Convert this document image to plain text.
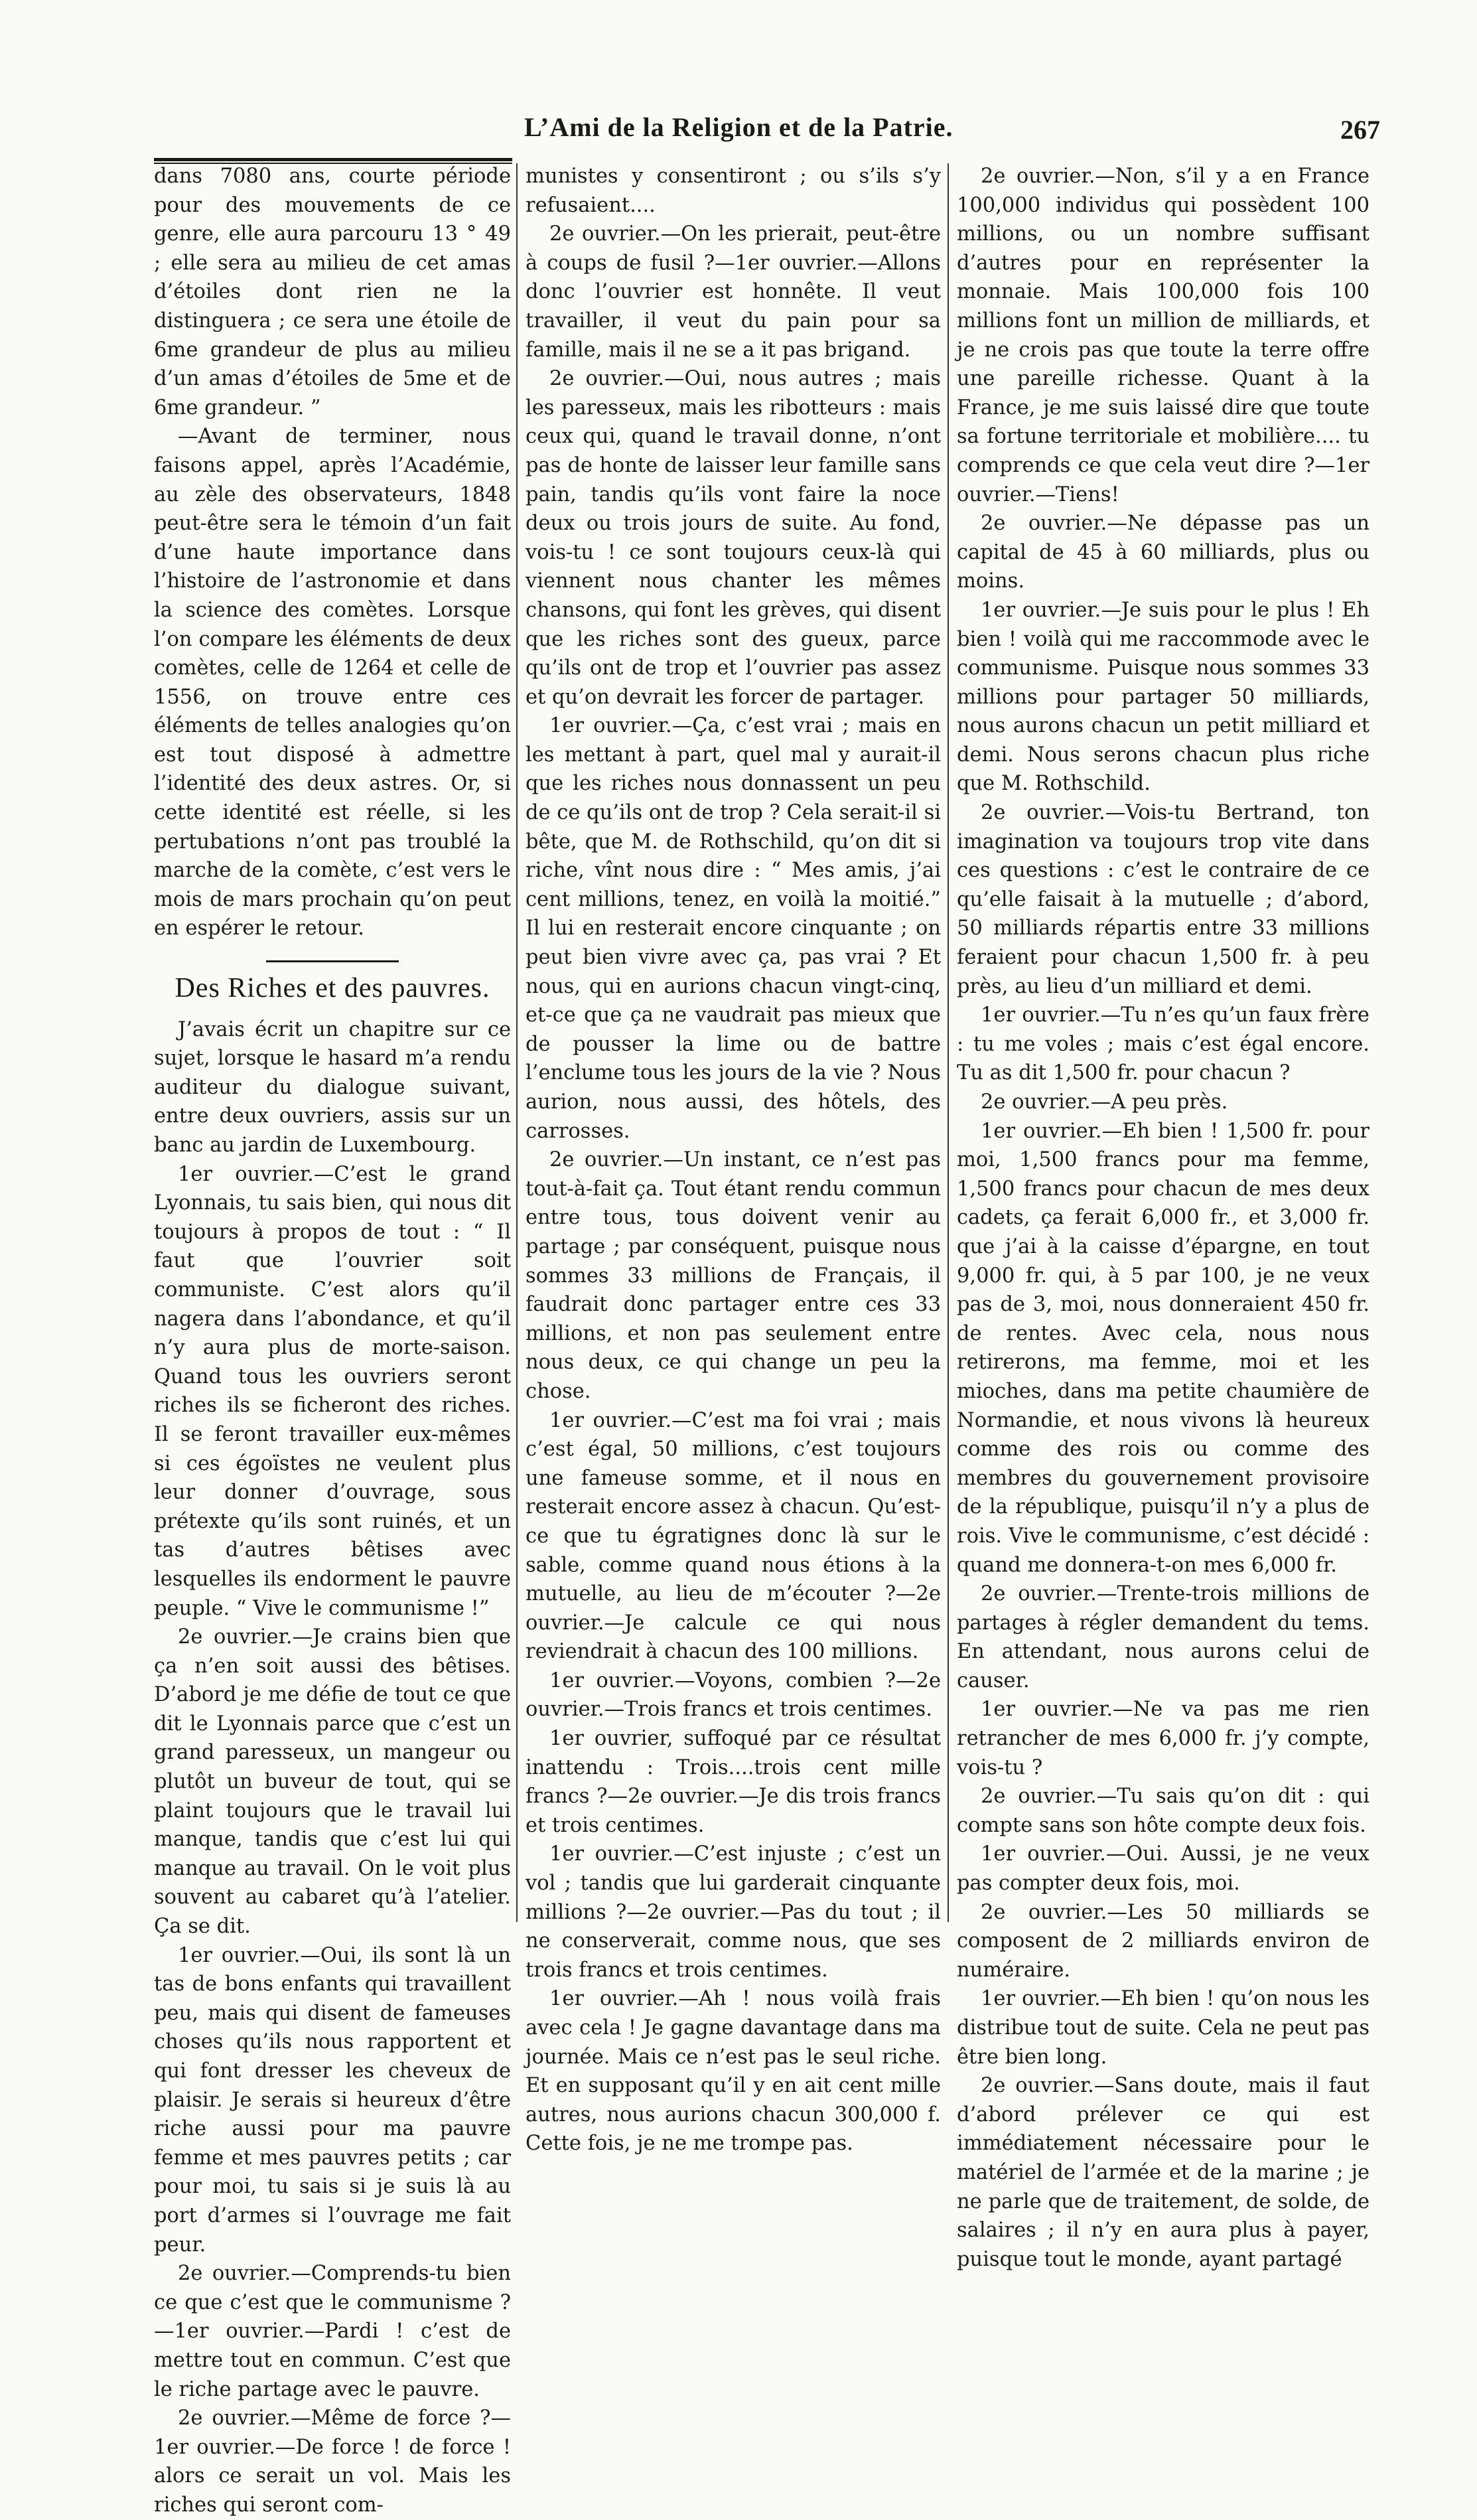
L’Ami de la Religion et de la Patrie.	267

dans 7080 ans, courte période pour des mouvements de ce genre, elle aura parcouru 13 ° 49 ; elle sera au milieu de cet amas d’étoiles dont rien ne la distinguera ; ce sera une étoile de 6me grandeur de plus au milieu d’un amas d’étoiles de 5me et de 6me grandeur. ”

—Avant de terminer, nous faisons appel, après l’Académie, au zèle des observateurs, 1848 peut-être sera le témoin d’un fait d’une haute importance dans l’histoire de l’astronomie et dans la science des comètes. Lorsque l’on compare les éléments de deux comètes, celle de 1264 et celle de 1556, on trouve entre ces éléments de telles analogies qu’on est tout disposé à admettre l’identité des deux astres. Or, si cette identité est réelle, si les pertubations n’ont pas troublé la marche de la comète, c’est vers le mois de mars prochain qu’on peut en espérer le retour.

Des Riches et des pauvres.

J’avais écrit un chapitre sur ce sujet, lorsque le hasard m’a rendu auditeur du dialogue suivant, entre deux ouvriers, assis sur un banc au jardin de Luxembourg.

1er ouvrier.—C’est le grand Lyonnais, tu sais bien, qui nous dit toujours à propos de tout : “ Il faut que l’ouvrier soit communiste. C’est alors qu’il nagera dans l’abondance, et qu’il n’y aura plus de morte-saison. Quand tous les ouvriers seront riches ils se ficheront des riches. Il se feront travailler eux-mêmes si ces égoïstes ne veulent plus leur donner d’ouvrage, sous prétexte qu’ils sont ruinés, et un tas d’autres bêtises avec lesquelles ils endorment le pauvre peuple. “ Vive le communisme !”

2e ouvrier.—Je crains bien que ça n’en soit aussi des bêtises. D’abord je me défie de tout ce que dit le Lyonnais parce que c’est un grand paresseux, un mangeur ou plutôt un buveur de tout, qui se plaint toujours que le travail lui manque, tandis que c’est lui qui manque au travail. On le voit plus souvent au cabaret qu’à l’atelier. Ça se dit.

1er ouvrier.—Oui, ils sont là un tas de bons enfants qui travaillent peu, mais qui disent de fameuses choses qu’ils nous rapportent et qui font dresser les cheveux de plaisir. Je serais si heureux d’être riche aussi pour ma pauvre femme et mes pauvres petits ; car pour moi, tu sais si je suis là au port d’armes si l’ouvrage me fait peur.

2e ouvrier.—Comprends-tu bien ce que c’est que le communisme ?—1er ouvrier.—Pardi ! c’est de mettre tout en commun. C’est que le riche partage avec le pauvre.

2e ouvrier.—Même de force ?—1er ouvrier.—De force ! de force ! alors ce serait un vol. Mais les riches qui seront com-

munistes y consentiront ; ou s’ils s’y refusaient....

2e ouvrier.—On les prierait, peut-être à coups de fusil ?—1er ouvrier.—Allons donc l’ouvrier est honnête. Il veut travailler, il veut du pain pour sa famille, mais il ne se a it pas brigand.

2e ouvrier.—Oui, nous autres ; mais les paresseux, mais les ribotteurs : mais ceux qui, quand le travail donne, n’ont pas de honte de laisser leur famille sans pain, tandis qu’ils vont faire la noce deux ou trois jours de suite. Au fond, vois-tu ! ce sont toujours ceux-là qui viennent nous chanter les mêmes chansons, qui font les grèves, qui disent que les riches sont des gueux, parce qu’ils ont de trop et l’ouvrier pas assez et qu’on devrait les forcer de partager.

1er ouvrier.—Ça, c’est vrai ; mais en les mettant à part, quel mal y aurait-il que les riches nous donnassent un peu de ce qu’ils ont de trop ? Cela serait-il si bête, que M. de Rothschild, qu’on dit si riche, vînt nous dire : “ Mes amis, j’ai cent millions, tenez, en voilà la moitié.” Il lui en resterait encore cinquante ; on peut bien vivre avec ça, pas vrai ? Et nous, qui en aurions chacun vingt-cinq, et-ce que ça ne vaudrait pas mieux que de pousser la lime ou de battre l’enclume tous les jours de la vie ? Nous aurion, nous aussi, des hôtels, des carrosses.

2e ouvrier.—Un instant, ce n’est pas tout-à-fait ça. Tout étant rendu commun entre tous, tous doivent venir au partage ; par conséquent, puisque nous sommes 33 millions de Français, il faudrait donc partager entre ces 33 millions, et non pas seulement entre nous deux, ce qui change un peu la chose.

1er ouvrier.—C’est ma foi vrai ; mais c’est égal, 50 millions, c’est toujours une fameuse somme, et il nous en resterait encore assez à chacun. Qu’est-ce que tu égratignes donc là sur le sable, comme quand nous étions à la mutuelle, au lieu de m’écouter ?—2e ouvrier.—Je calcule ce qui nous reviendrait à chacun des 100 millions.

1er ouvrier.—Voyons, combien ?—2e ouvrier.—Trois francs et trois centimes.

1er ouvrier, suffoqué par ce résultat inattendu : Trois....trois cent mille francs ?—2e ouvrier.—Je dis trois francs et trois centimes.

1er ouvrier.—C’est injuste ; c’est un vol ; tandis que lui garderait cinquante millions ?—2e ouvrier.—Pas du tout ; il ne conserverait, comme nous, que ses trois francs et trois centimes.

1er ouvrier.—Ah ! nous voilà frais avec cela ! Je gagne davantage dans ma journée. Mais ce n’est pas le seul riche. Et en supposant qu’il y en ait cent mille autres, nous aurions chacun 300,000 f. Cette fois, je ne me trompe pas.

2e ouvrier.—Non, s’il y a en France 100,000 individus qui possèdent 100 millions, ou un nombre suffisant d’autres pour en représenter la monnaie. Mais 100,000 fois 100 millions font un million de milliards, et je ne crois pas que toute la terre offre une pareille richesse. Quant à la France, je me suis laissé dire que toute sa fortune territoriale et mobilière.... tu comprends ce que cela veut dire ?—1er ouvrier.—Tiens!

2e ouvrier.—Ne dépasse pas un capital de 45 à 60 milliards, plus ou moins.

1er ouvrier.—Je suis pour le plus ! Eh bien ! voilà qui me raccommode avec le communisme. Puisque nous sommes 33 millions pour partager 50 milliards, nous aurons chacun un petit milliard et demi. Nous serons chacun plus riche que M. Rothschild.

2e ouvrier.—Vois-tu Bertrand, ton imagination va toujours trop vite dans ces questions : c’est le contraire de ce qu’elle faisait à la mutuelle ; d’abord, 50 milliards répartis entre 33 millions feraient pour chacun 1,500 fr. à peu près, au lieu d’un milliard et demi.

1er ouvrier.—Tu n’es qu’un faux frère : tu me voles ; mais c’est égal encore. Tu as dit 1,500 fr. pour chacun ?

2e ouvrier.—A peu près.

1er ouvrier.—Eh bien ! 1,500 fr. pour moi, 1,500 francs pour ma femme, 1,500 francs pour chacun de mes deux cadets, ça ferait 6,000 fr., et 3,000 fr. que j’ai à la caisse d’épargne, en tout 9,000 fr. qui, à 5 par 100, je ne veux pas de 3, moi, nous donneraient 450 fr. de rentes. Avec cela, nous nous retirerons, ma femme, moi et les mioches, dans ma petite chaumière de Normandie, et nous vivons là heureux comme des rois ou comme des membres du gouvernement provisoire de la république, puisqu’il n’y a plus de rois. Vive le communisme, c’est décidé : quand me donnera-t-on mes 6,000 fr.

2e ouvrier.—Trente-trois millions de partages à régler demandent du tems. En attendant, nous aurons celui de causer.

1er ouvrier.—Ne va pas me rien retrancher de mes 6,000 fr. j’y compte, vois-tu ?

2e ouvrier.—Tu sais qu’on dit : qui compte sans son hôte compte deux fois.

1er ouvrier.—Oui. Aussi, je ne veux pas compter deux fois, moi.

2e ouvrier.—Les 50 milliards se composent de 2 milliards environ de numéraire.

1er ouvrier.—Eh bien ! qu’on nous les distribue tout de suite. Cela ne peut pas être bien long.

2e ouvrier.—Sans doute, mais il faut d’abord prélever ce qui est immédiatement nécessaire pour le matériel de l’armée et de la marine ; je ne parle que de traitement, de solde, de salaires ; il n’y en aura plus à payer, puisque tout le monde, ayant partagé
